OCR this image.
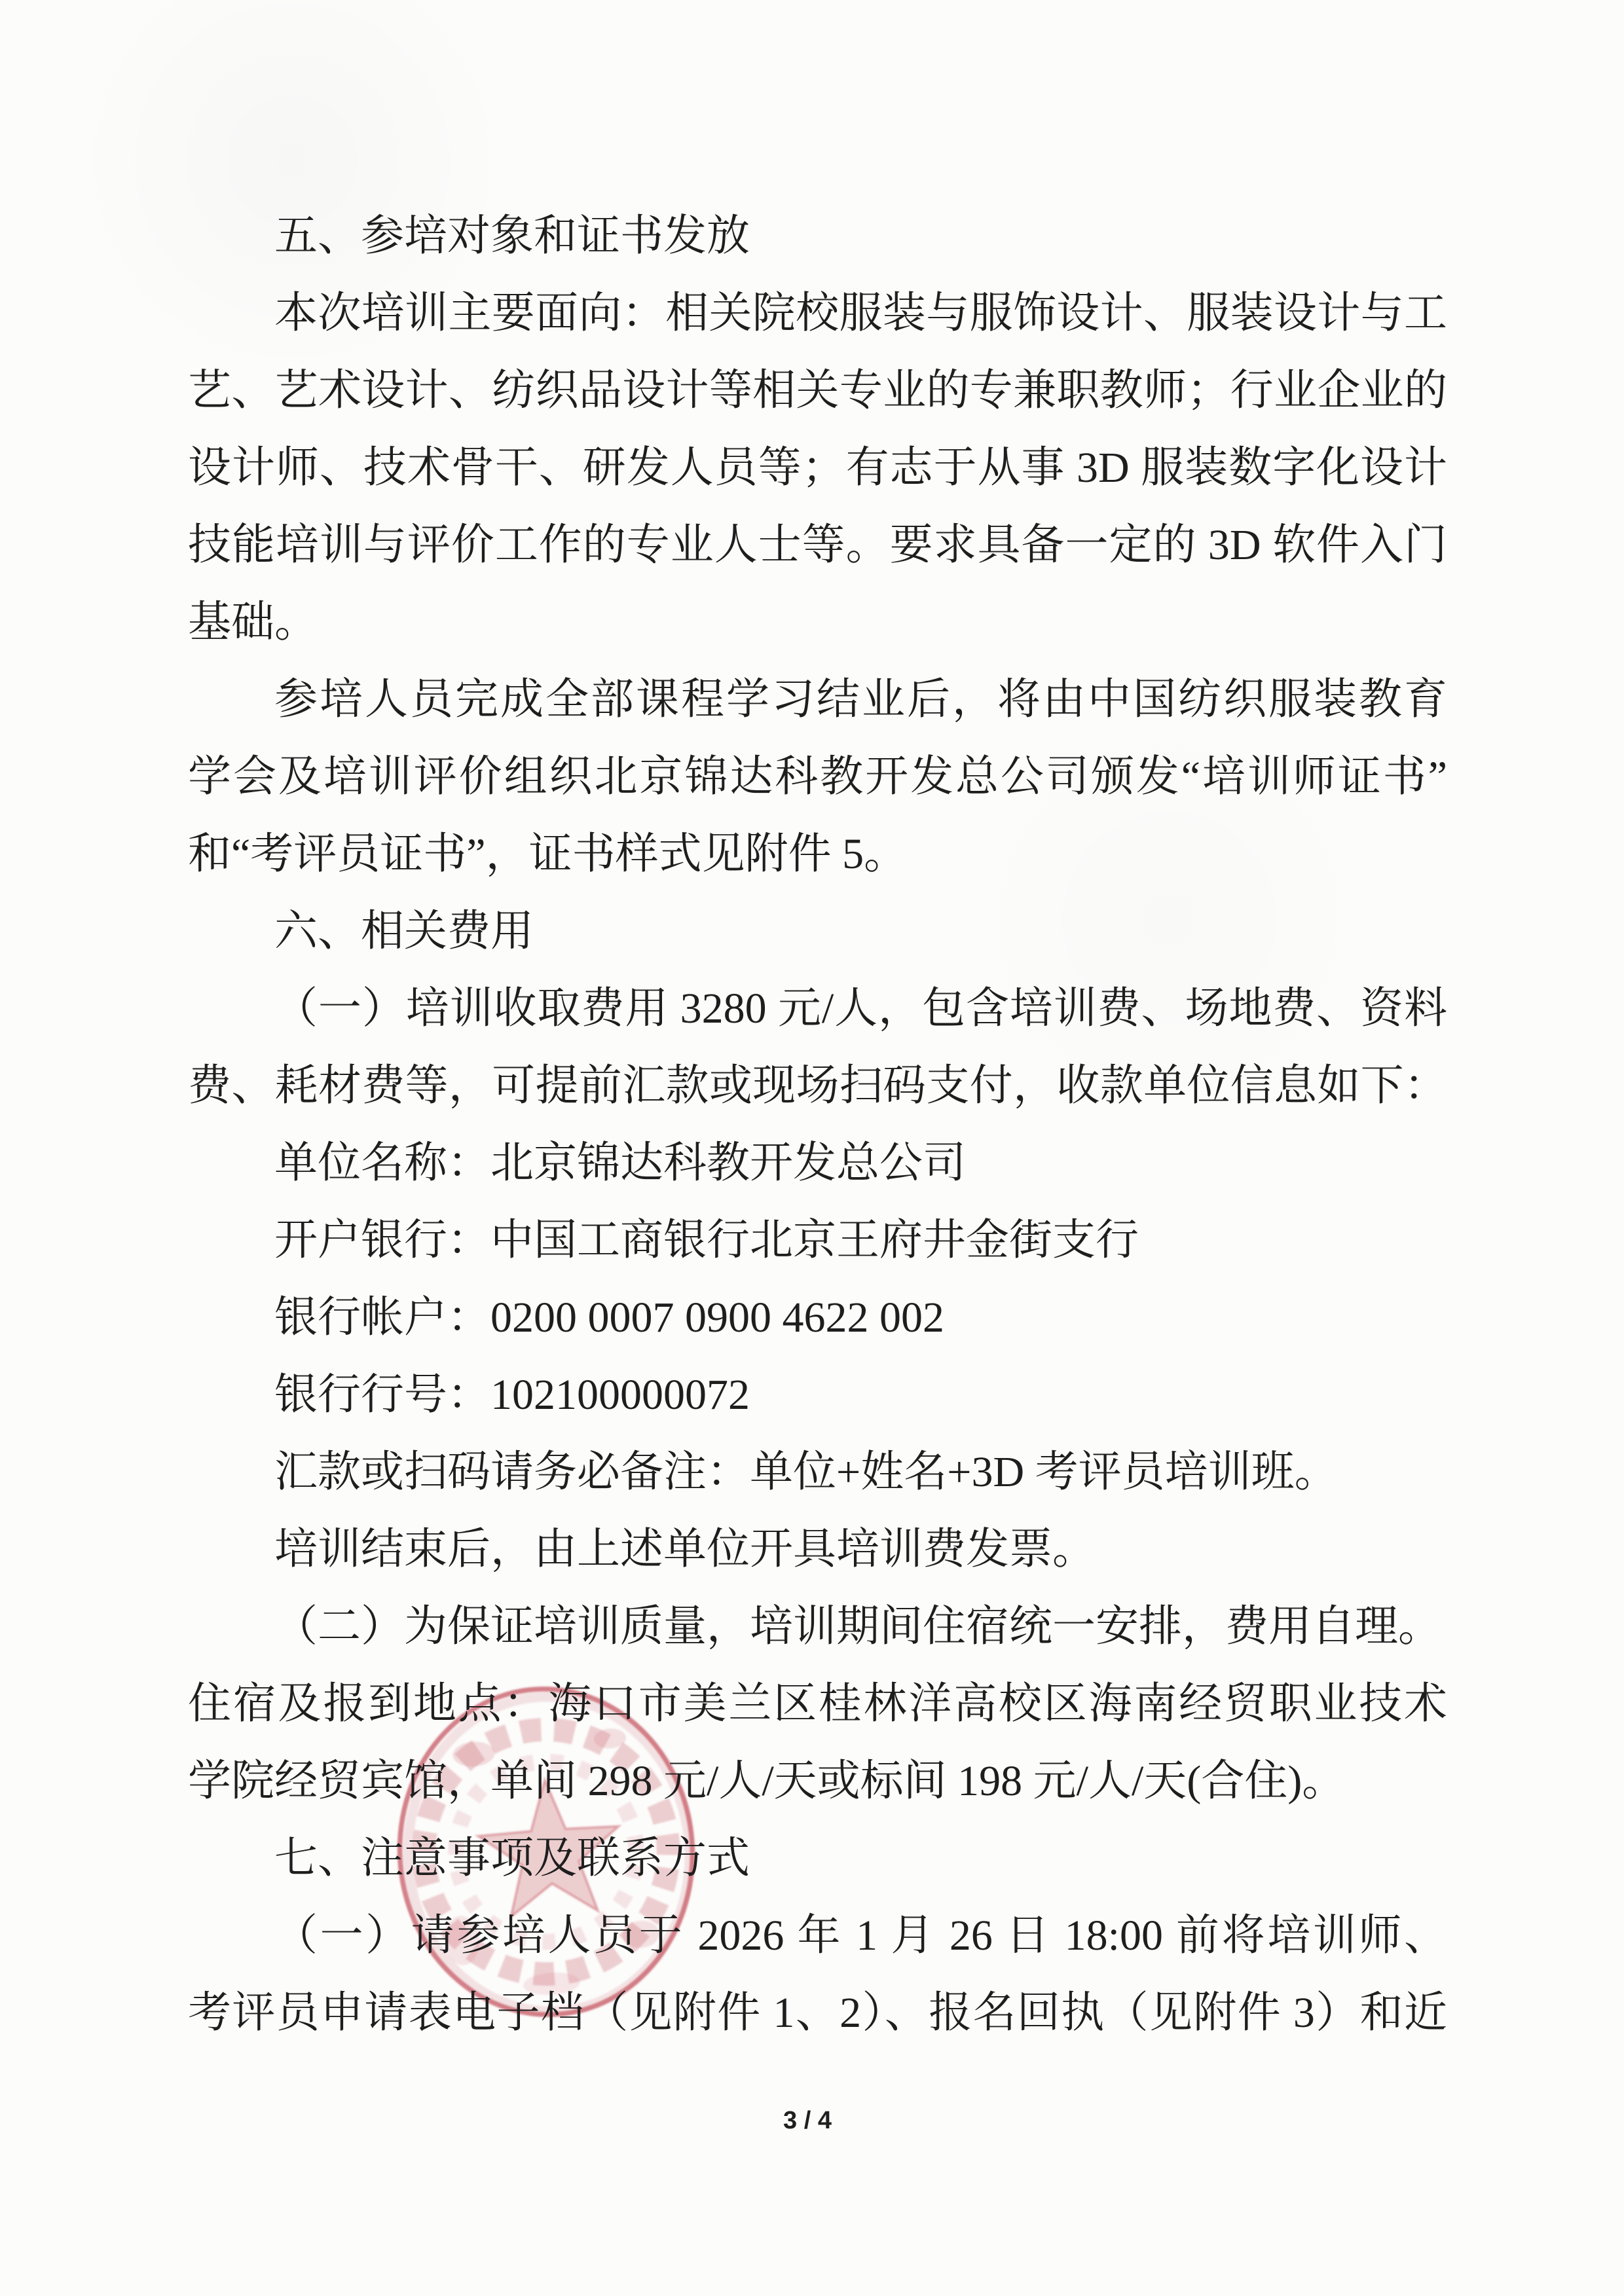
五、参培对象和证书发放
本次培训主要面向：相关院校服装与服饰设计、服装设计与工
艺、艺术设计、纺织品设计等相关专业的专兼职教师；行业企业的
设计师、技术骨干、研发人员等；有志于从事 3D 服装数字化设计
技能培训与评价工作的专业人士等。要求具备一定的 3D 软件入门
基础。
参培人员完成全部课程学习结业后，将由中国纺织服装教育
学会及培训评价组织北京锦达科教开发总公司颁发“培训师证书”
和“考评员证书”，证书样式见附件 5。
六、相关费用
（一）培训收取费用 3280 元/人，包含培训费、场地费、资料
费、耗材费等，可提前汇款或现场扫码支付，收款单位信息如下：
单位名称：北京锦达科教开发总公司
开户银行：中国工商银行北京王府井金街支行
银行帐户：0200 0007 0900 4622 002
银行行号：102100000072
汇款或扫码请务必备注：单位+姓名+3D 考评员培训班。
培训结束后，由上述单位开具培训费发票。
（二）为保证培训质量，培训期间住宿统一安排，费用自理。
住宿及报到地点：海口市美兰区桂林洋高校区海南经贸职业技术
学院经贸宾馆，单间 298 元/人/天或标间 198 元/人/天(合住)。
七、注意事项及联系方式
（一）请参培人员于 2026 年 1 月 26 日 18:00 前将培训师、
考评员申请表电子档（见附件 1、2）、报名回执（见附件 3）和近
3 / 4
